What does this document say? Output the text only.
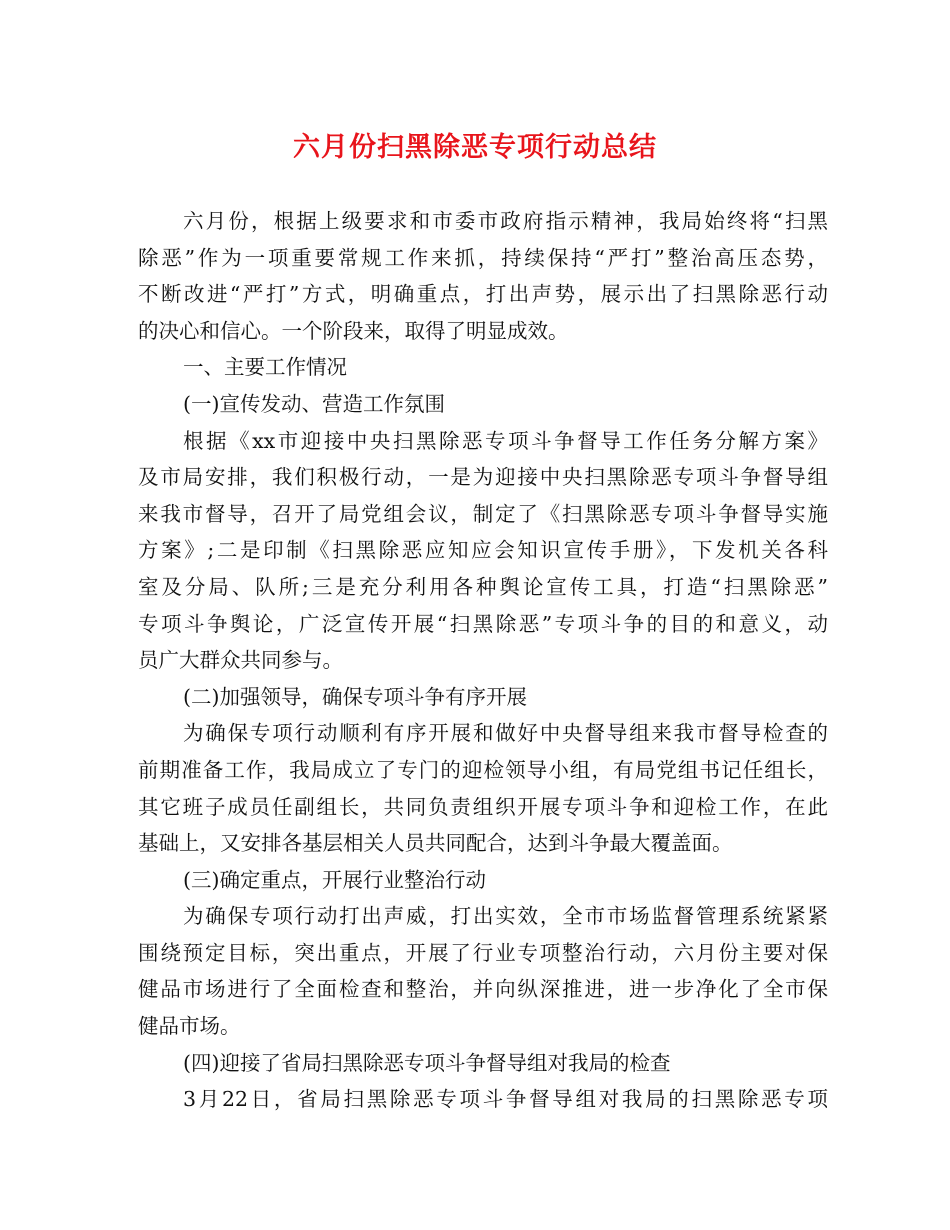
六月份扫黑除恶专项行动总结
六月份，根据上级要求和市委市政府指示精神，我局始终将“扫黑
除恶”作为一项重要常规工作来抓，持续保持“严打”整治高压态势，
不断改进“严打”方式，明确重点，打出声势，展示出了扫黑除恶行动
的决心和信心。一个阶段来，取得了明显成效。
一、主要工作情况
(一)宣传发动、营造工作氛围
根据《xx市迎接中央扫黑除恶专项斗争督导工作任务分解方案》
及市局安排，我们积极行动，一是为迎接中央扫黑除恶专项斗争督导组
来我市督导，召开了局党组会议，制定了《扫黑除恶专项斗争督导实施
方案》;二是印制《扫黑除恶应知应会知识宣传手册》，下发机关各科
室及分局、队所;三是充分利用各种舆论宣传工具，打造“扫黑除恶”
专项斗争舆论，广泛宣传开展“扫黑除恶”专项斗争的目的和意义，动
员广大群众共同参与。
(二)加强领导，确保专项斗争有序开展
为确保专项行动顺利有序开展和做好中央督导组来我市督导检查的
前期准备工作，我局成立了专门的迎检领导小组，有局党组书记任组长，
其它班子成员任副组长，共同负责组织开展专项斗争和迎检工作，在此
基础上，又安排各基层相关人员共同配合，达到斗争最大覆盖面。
(三)确定重点，开展行业整治行动
为确保专项行动打出声威，打出实效，全市市场监督管理系统紧紧
围绕预定目标，突出重点，开展了行业专项整治行动，六月份主要对保
健品市场进行了全面检查和整治，并向纵深推进，进一步净化了全市保
健品市场。
(四)迎接了省局扫黑除恶专项斗争督导组对我局的检查
3月22日，省局扫黑除恶专项斗争督导组对我局的扫黑除恶专项
